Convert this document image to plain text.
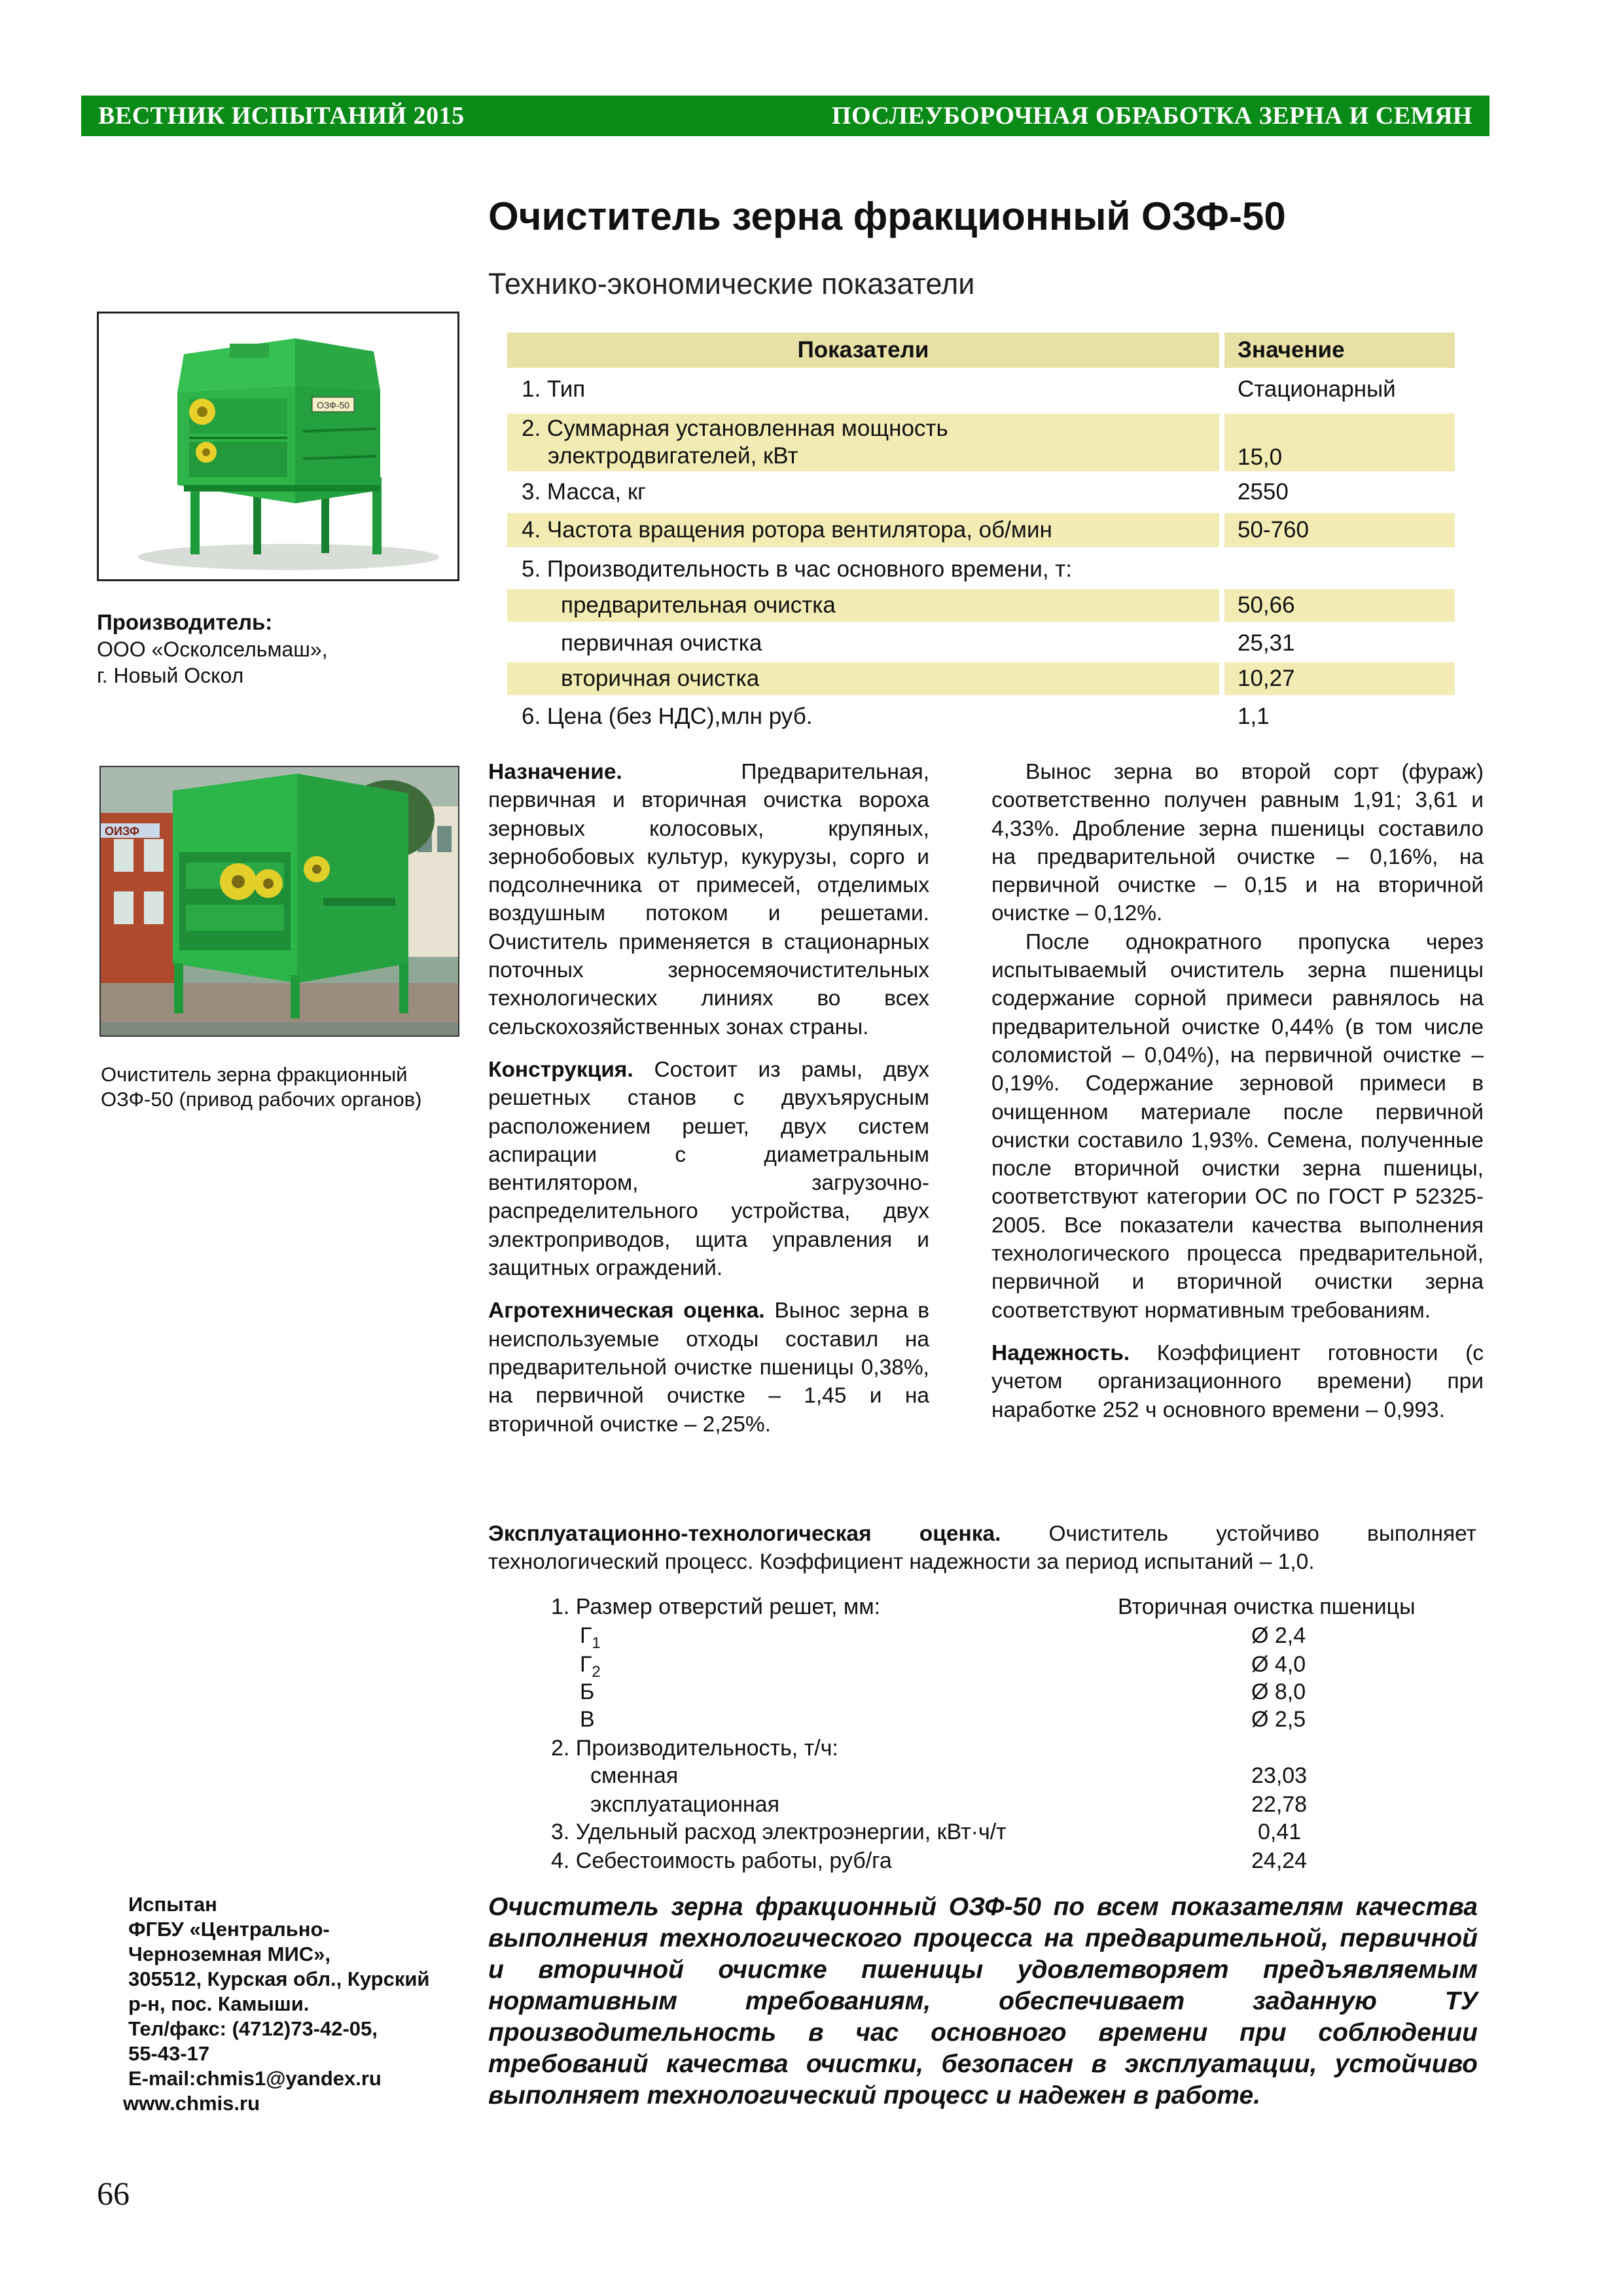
ВЕСТНИК ИСПЫТАНИЙ 2015	ПОСЛЕУБОРОЧНАЯ ОБРАБОТКА ЗЕРНА И СЕМЯН
Очиститель зерна фракционный ОЗФ-50
Технико-экономические показатели
ОЗФ-50
Производитель:
ООО «Осколсельмаш»,
г. Новый Оскол
ОИЗФ
Очиститель зерна фракционный
ОЗФ-50 (привод рабочих органов)
Показатели	Значение
1. Тип	Стационарный
2. Суммарная установленная мощность
электродвигателей, кВт	15,0
3. Масса, кг	2550
4. Частота вращения ротора вентилятора, об/мин	50-760
5. Производительность в час основного времени, т:
предварительная очистка	50,66
первичная очистка	25,31
вторичная очистка	10,27
6. Цена (без НДС),млн руб.	1,1

Назначение. Предварительная, первичная и вторичная очистка вороха зерновых колосовых, крупяных, зернобобовых культур, кукурузы, сорго и подсолнечника от примесей, отделимых воздушным потоком и решетами. Очиститель применяется в стационарных поточных зерносемяочистительных технологических линиях во всех сельскохозяйственных зонах страны.

Конструкция. Состоит из рамы, двух решетных станов с двухъярусным расположением решет, двух систем аспирации с диаметральным вентилятором, загрузочно-распределительного устройства, двух электроприводов, щита управления и защитных ограждений.

Агротехническая оценка. Вынос зерна в неиспользуемые отходы составил на предварительной очистке пшеницы 0,38%, на первичной очистке – 1,45 и на вторичной очистке – 2,25%.

Вынос зерна во второй сорт (фураж) соответственно получен равным 1,91; 3,61 и 4,33%. Дробление зерна пшеницы составило на предварительной очистке – 0,16%, на первичной очистке – 0,15 и на вторичной очистке – 0,12%.

После однократного пропуска через испытываемый очиститель зерна пшеницы содержание сорной примеси равнялось на предварительной очистке 0,44% (в том числе соломистой – 0,04%), на первичной очистке – 0,19%. Содержание зерновой примеси в очищенном материале после первичной очистки составило 1,93%. Семена, полученные после вторичной очистки зерна пшеницы, соответствуют категории ОС по ГОСТ Р 52325-2005. Все показатели качества выполнения технологического процесса предварительной, первичной и вторичной очистки зерна соответствуют нормативным требованиям.

Надежность. Коэффициент готовности (с учетом организационного времени) при наработке 252 ч основного времени – 0,993.

Эксплуатационно-технологическая оценка. Очиститель устойчиво выполняет технологический процесс. Коэффициент надежности за период испытаний – 1,0.
Вторичная очистка пшеницы
1. Размер отверстий решет, мм:
$Г_1$	Ø 2,4
$Г_2$	Ø 4,0
Б	Ø 8,0
В	Ø 2,5
2. Производительность, т/ч:
сменная	23,03
эксплуатационная	22,78
3. Удельный расход электроэнергии, кВт·ч/т	0,41
4. Себестоимость работы, руб/га	24,24
Испытан
ФГБУ «Центрально-
Черноземная МИС»,
305512, Курская обл., Курский
р-н, пос. Камыши.
Тел/факс: (4712)73-42-05,
55-43-17
E-mail:chmis1@yandex.ru
www.chmis.ru
Очиститель зерна фракционный ОЗФ-50 по всем показателям качества выполнения технологического процесса на предварительной, первичной и вторичной очистке пшеницы удовлетворяет предъявляемым нормативным требованиям, обеспечивает заданную ТУ производительность в час основного времени при соблюдении требований качества очистки, безопасен в эксплуатации, устойчиво выполняет технологический процесс и надежен в работе.
66
